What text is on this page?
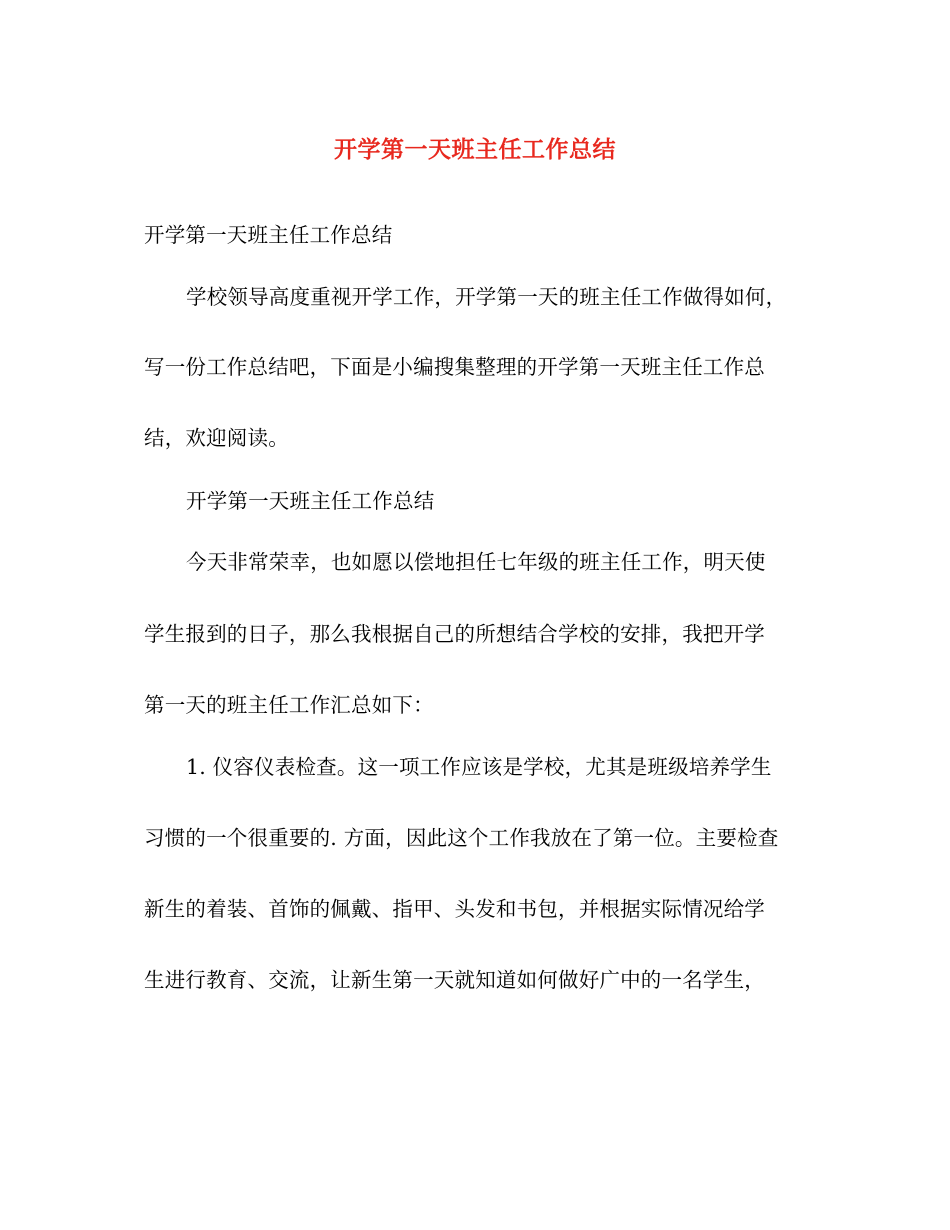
开学第一天班主任工作总结
开学第一天班主任工作总结
学校领导高度重视开学工作，开学第一天的班主任工作做得如何，
写一份工作总结吧，下面是小编搜集整理的开学第一天班主任工作总
结，欢迎阅读。
开学第一天班主任工作总结
今天非常荣幸，也如愿以偿地担任七年级的班主任工作，明天使
学生报到的日子，那么我根据自己的所想结合学校的安排，我把开学
第一天的班主任工作汇总如下：
1. 仪容仪表检查。这一项工作应该是学校，尤其是班级培养学生
习惯的一个很重要的. 方面，因此这个工作我放在了第一位。主要检查
新生的着装、首饰的佩戴、指甲、头发和书包，并根据实际情况给学
生进行教育、交流，让新生第一天就知道如何做好广中的一名学生，
